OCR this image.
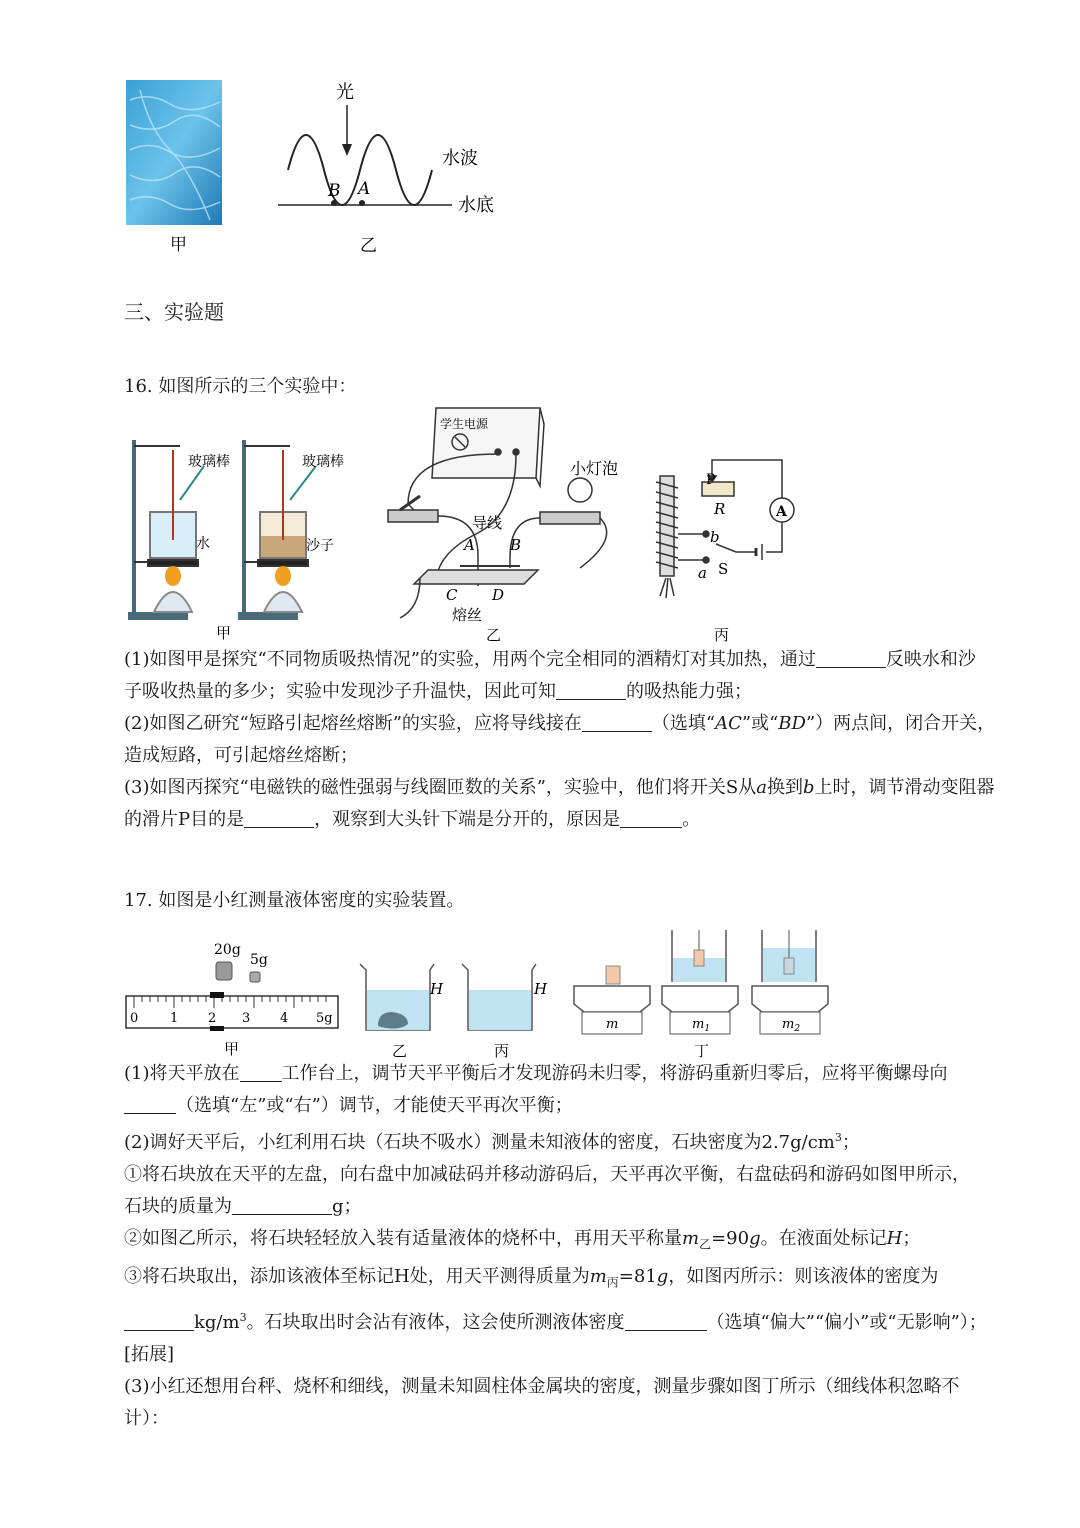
光
水波
水底
B A
甲	乙
三、实验题
16. 如图所示的三个实验中：
玻璃棒	玻璃棒
水	沙子
学生电源
小灯泡
导线
A B
C D
熔丝
P
R
b
a S
A
甲	乙	丙
(1)如图甲是探究“不同物质吸热情况”的实验，用两个完全相同的酒精灯对其加热，通过	反映水和沙
子吸收热量的多少；实验中发现沙子升温快，因此可知	的吸热能力强；
(2)如图乙研究“短路引起熔丝熔断”的实验，应将导线接在	（选填“AC”或“BD”）两点间，闭合开关，
造成短路，可引起熔丝熔断；
(3)如图丙探究“电磁铁的磁性强弱与线圈匝数的关系”，实验中，他们将开关S从a换到b上时，调节滑动变阻器
的滑片P目的是	，观察到大头针下端是分开的，原因是	。
17. 如图是小红测量液体密度的实验装置。
20g
5g
0 1 2 3 4 5g
H	H
m	$m_1$	$m_2$
甲	乙	丙	丁
(1)将天平放在 工作台上，调节天平平衡后才发现游码未归零，将游码重新归零后，应将平衡螺母向
（选填“左”或“右”）调节，才能使天平再次平衡；
(2)调好天平后，小红利用石块（石块不吸水）测量未知液体的密度，石块密度为$2.7g/cm^3$；
①将石块放在天平的左盘，向右盘中加减砝码并移动游码后，天平再次平衡，右盘砝码和游码如图甲所示，
石块的质量为	g；
②如图乙所示，将石块轻轻放入装有适量液体的烧杯中，再用天平称量$m_乙=90g$。在液面处标记H；
③将石块取出，添加该液体至标记H处，用天平测得质量为$m_丙=81g$，如图丙所示：则该液体的密度为
$kg/m^3$。石块取出时会沾有液体，这会使所测液体密度	（选填“偏大”“偏小”或“无影响”）；
[拓展]
(3)小红还想用台秤、烧杯和细线，测量未知圆柱体金属块的密度，测量步骤如图丁所示（细线体积忽略不
计）：
